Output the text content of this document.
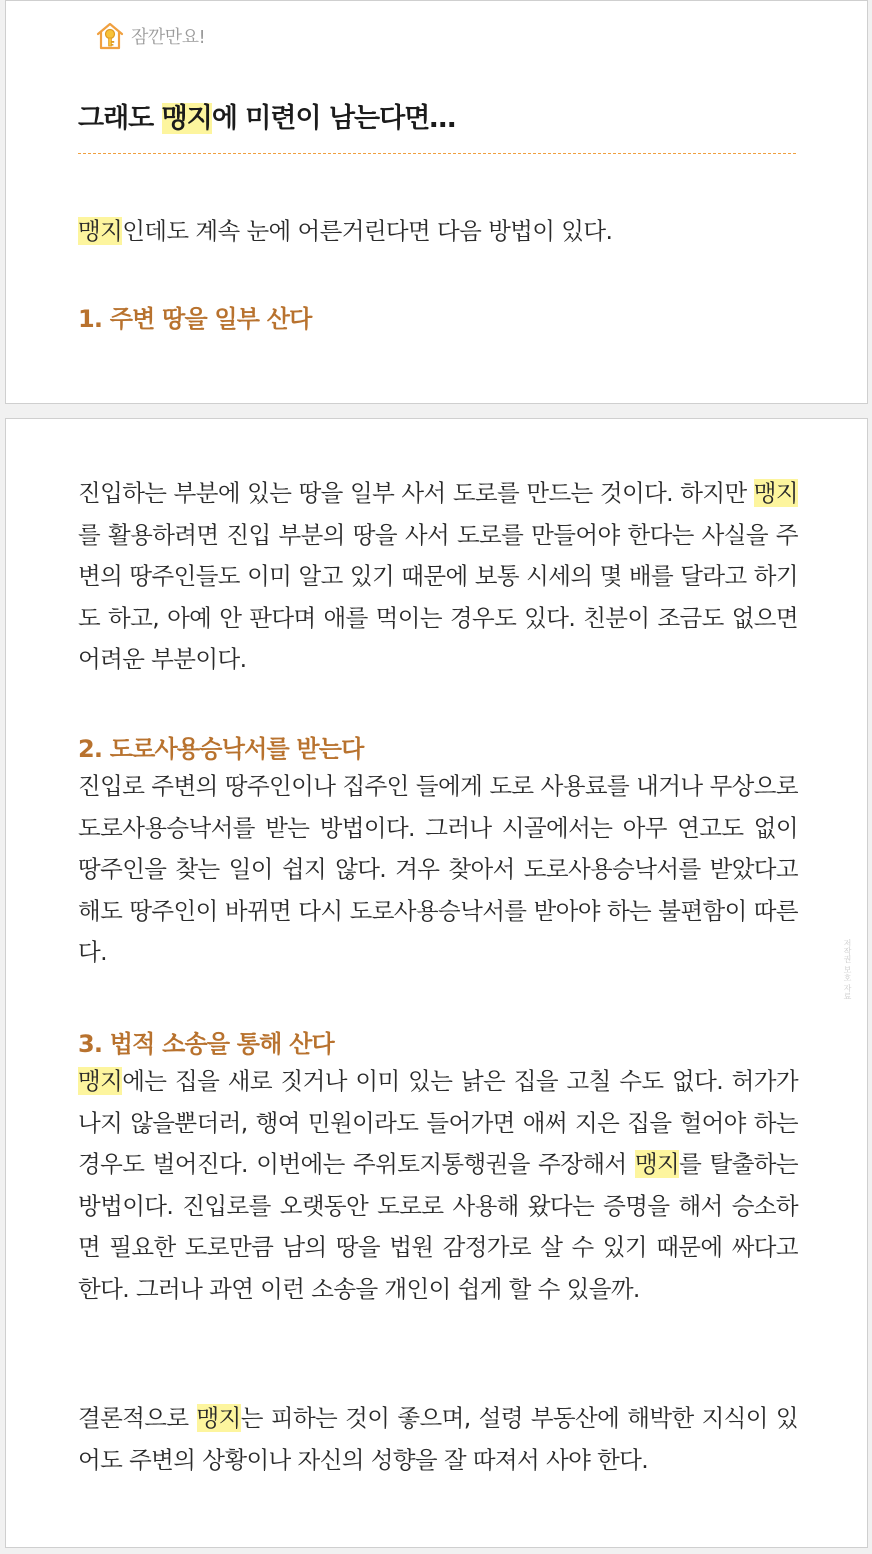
잠깐만요!
그래도 맹지에 미련이 남는다면…

맹지인데도 계속 눈에 어른거린다면 다음 방법이 있다.

1. 주변 땅을 일부 산다

진입하는 부분에 있는 땅을 일부 사서 도로를 만드는 것이다. 하지만 맹지를 활용하려면 진입 부분의 땅을 사서 도로를 만들어야 한다는 사실을 주변의 땅주인들도 이미 알고 있기 때문에 보통 시세의 몇 배를 달라고 하기도 하고, 아예 안 판다며 애를 먹이는 경우도 있다. 친분이 조금도 없으면 어려운 부분이다.

2. 도로사용승낙서를 받는다

진입로 주변의 땅주인이나 집주인 들에게 도로 사용료를 내거나 무상으로 도로사용승낙서를 받는 방법이다. 그러나 시골에서는 아무 연고도 없이 땅주인을 찾는 일이 쉽지 않다. 겨우 찾아서 도로사용승낙서를 받았다고 해도 땅주인이 바뀌면 다시 도로사용승낙서를 받아야 하는 불편함이 따른다.

3. 법적 소송을 통해 산다

맹지에는 집을 새로 짓거나 이미 있는 낡은 집을 고칠 수도 없다. 허가가 나지 않을뿐더러, 행여 민원이라도 들어가면 애써 지은 집을 헐어야 하는 경우도 벌어진다. 이번에는 주위토지통행권을 주장해서 맹지를 탈출하는 방법이다. 진입로를 오랫동안 도로로 사용해 왔다는 증명을 해서 승소하면 필요한 도로만큼 남의 땅을 법원 감정가로 살 수 있기 때문에 싸다고 한다. 그러나 과연 이런 소송을 개인이 쉽게 할 수 있을까.

결론적으로 맹지는 피하는 것이 좋으며, 설령 부동산에 해박한 지식이 있어도 주변의 상황이나 자신의 성향을 잘 따져서 사야 한다.

저작권 보호 자료
